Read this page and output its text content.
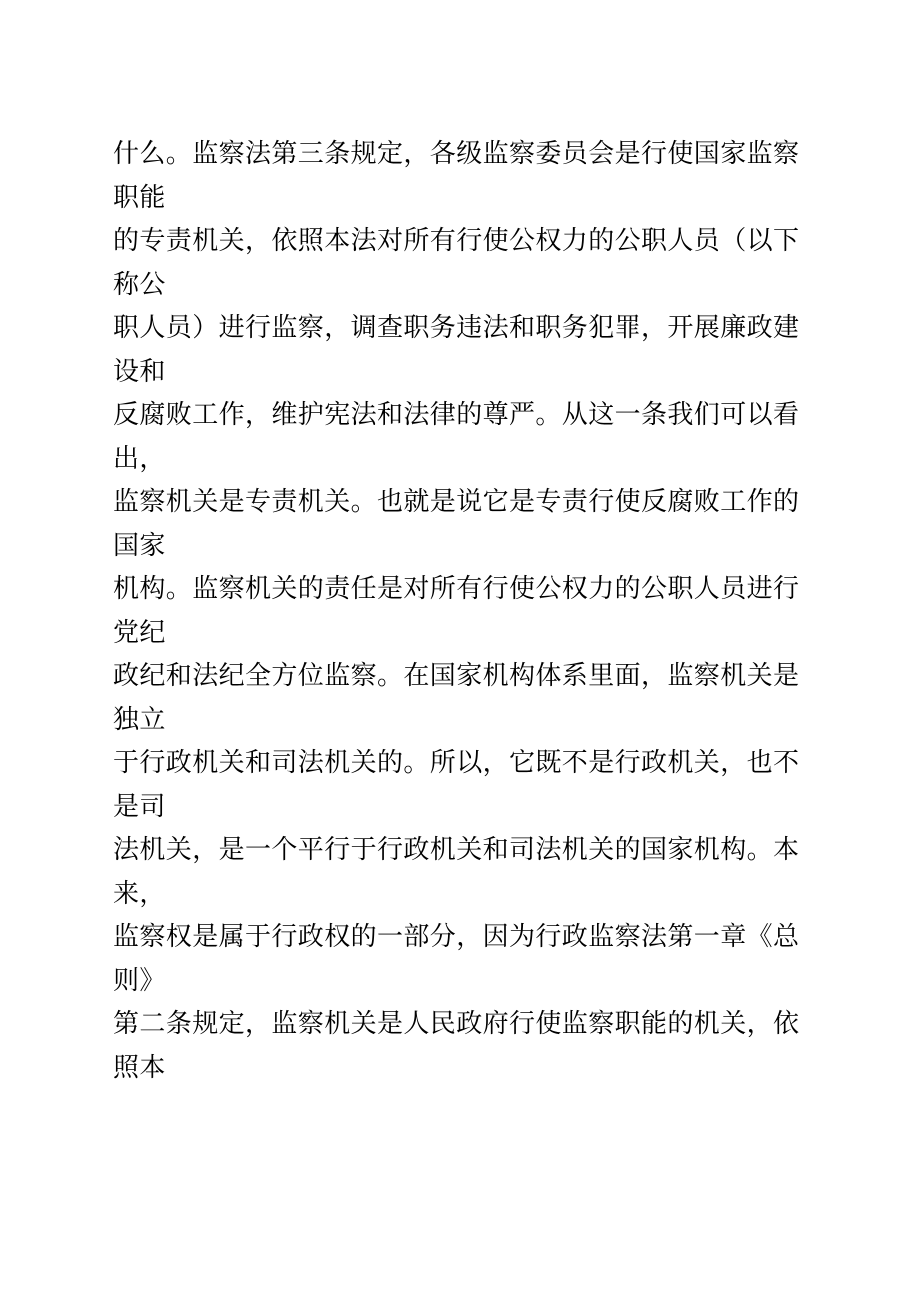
什么。监察法第三条规定，各级监察委员会是行使国家监察
职能
的专责机关，依照本法对所有行使公权力的公职人员（以下
称公
职人员）进行监察，调查职务违法和职务犯罪，开展廉政建
设和
反腐败工作，维护宪法和法律的尊严。从这一条我们可以看
出，
监察机关是专责机关。也就是说它是专责行使反腐败工作的
国家
机构。监察机关的责任是对所有行使公权力的公职人员进行
党纪
政纪和法纪全方位监察。在国家机构体系里面，监察机关是
独立
于行政机关和司法机关的。所以，它既不是行政机关，也不
是司
法机关，是一个平行于行政机关和司法机关的国家机构。本
来，
监察权是属于行政权的一部分，因为行政监察法第一章《总
则》
第二条规定，监察机关是人民政府行使监察职能的机关，依
照本
